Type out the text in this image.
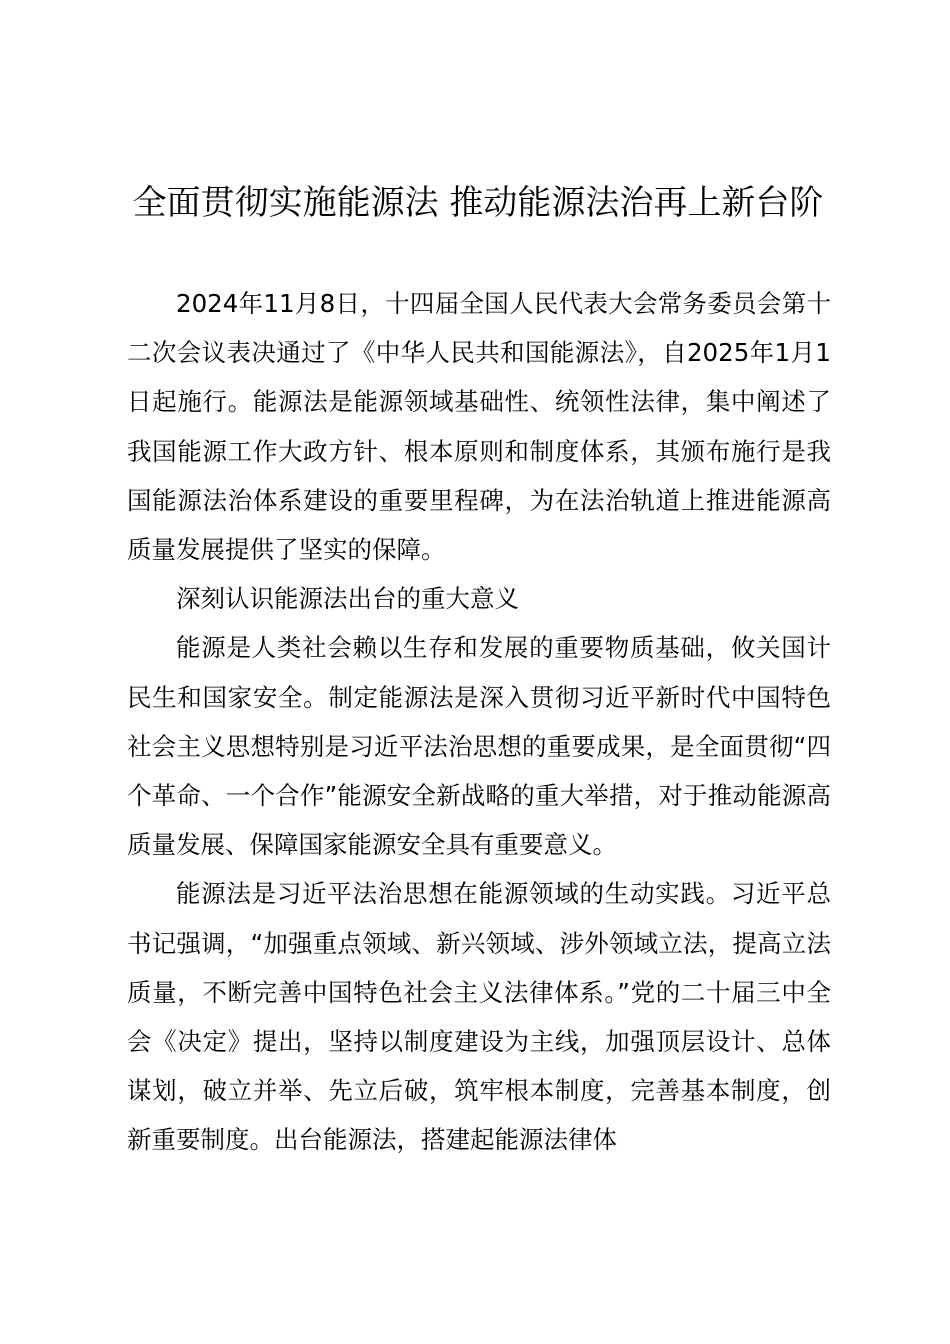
全面贯彻实施能源法 推动能源法治再上新台阶

2024年11月8日，十四届全国人民代表大会常务委员会第十二次会议表决通过了《中华人民共和国能源法》，自2025年1月1日起施行。能源法是能源领域基础性、统领性法律，集中阐述了我国能源工作大政方针、根本原则和制度体系，其颁布施行是我国能源法治体系建设的重要里程碑，为在法治轨道上推进能源高质量发展提供了坚实的保障。

深刻认识能源法出台的重大意义

能源是人类社会赖以生存和发展的重要物质基础，攸关国计民生和国家安全。制定能源法是深入贯彻习近平新时代中国特色社会主义思想特别是习近平法治思想的重要成果，是全面贯彻“四个革命、一个合作”能源安全新战略的重大举措，对于推动能源高质量发展、保障国家能源安全具有重要意义。

能源法是习近平法治思想在能源领域的生动实践。习近平总书记强调，“加强重点领域、新兴领域、涉外领域立法，提高立法质量，不断完善中国特色社会主义法律体系。”党的二十届三中全会《决定》提出，坚持以制度建设为主线，加强顶层设计、总体谋划，破立并举、先立后破，筑牢根本制度，完善基本制度，创新重要制度。出台能源法，搭建起能源法律体
